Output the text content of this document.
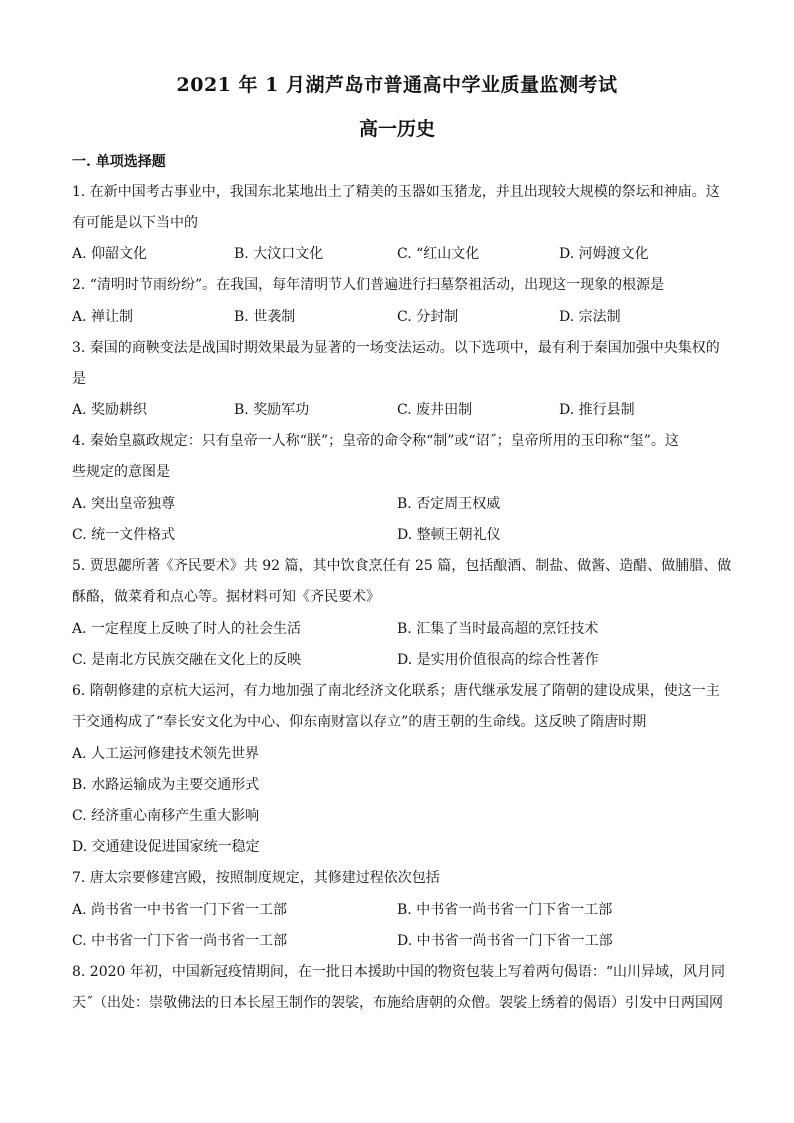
2021 年 1 月湖芦岛市普通高中学业质量监测考试
高一历史
一. 单项选择题
1. 在新中国考古事业中，我国东北某地出土了精美的玉器如玉猪龙，并且出现较大规模的祭坛和神庙。这
有可能是以下当中的
A. 仰韶文化	B. 大汶口文化	C. “红山文化	D. 河姆渡文化
2. “清明时节雨纷纷”。在我国，每年清明节人们普遍进行扫墓祭祖活动，出现这一现象的根源是
A. 禅让制	B. 世袭制	C. 分封制	D. 宗法制
3. 秦国的商鞅变法是战国时期效果最为显著的一场变法运动。以下选项中，最有利于秦国加强中央集权的
是
A. 奖励耕织	B. 奖励军功	C. 废井田制	D. 推行县制
4. 秦始皇嬴政规定：只有皇帝一人称“朕”；皇帝的命令称“制”或“诏˝；皇帝所用的玉印称“玺”。这
些规定的意图是
A. 突出皇帝独尊	B. 否定周王权威
C. 统一文件格式	D. 整顿王朝礼仪
5. 贾思勰所著《齐民要术》共 92 篇，其中饮食烹任有 25 篇，包括酿酒、制盐、做酱、造醋、做脯腊、做
酥酪，做菜肴和点心等。据材料可知《齐民要术》
A. 一定程度上反映了时人的社会生活	B. 汇集了当时最高超的烹饪技术
C. 是南北方民族交融在文化上的反映	D. 是实用价值很高的综合性著作
6. 隋朝修建的京杭大运河，有力地加强了南北经济文化联系；唐代继承发展了隋朝的建设成果，使这一主
干交通构成了“奉长安文化为中心、仰东南财富以存立”的唐王朝的生命线。这反映了隋唐时期
A. 人工运河修建技术领先世界
B. 水路运输成为主要交通形式
C. 经济重心南移产生重大影响
D. 交通建设促进国家统一稳定
7. 唐太宗要修建宫殿，按照制度规定，其修建过程依次包括
A. 尚书省一中书省一门下省一工部	B. 中书省一尚书省一门下省一工部
C. 中书省一门下省一尚书省一工部	D. 中书省一尚书省一门下省一工部
8. 2020 年初，中国新冠疫情期间，在一批日本援助中国的物资包装上写着两句偈语：“山川异域，风月同
天˝（出处：崇敬佛法的日本长屋王制作的袈裟，布施给唐朝的众僧。袈裟上绣着的偈语）引发中日两国网
